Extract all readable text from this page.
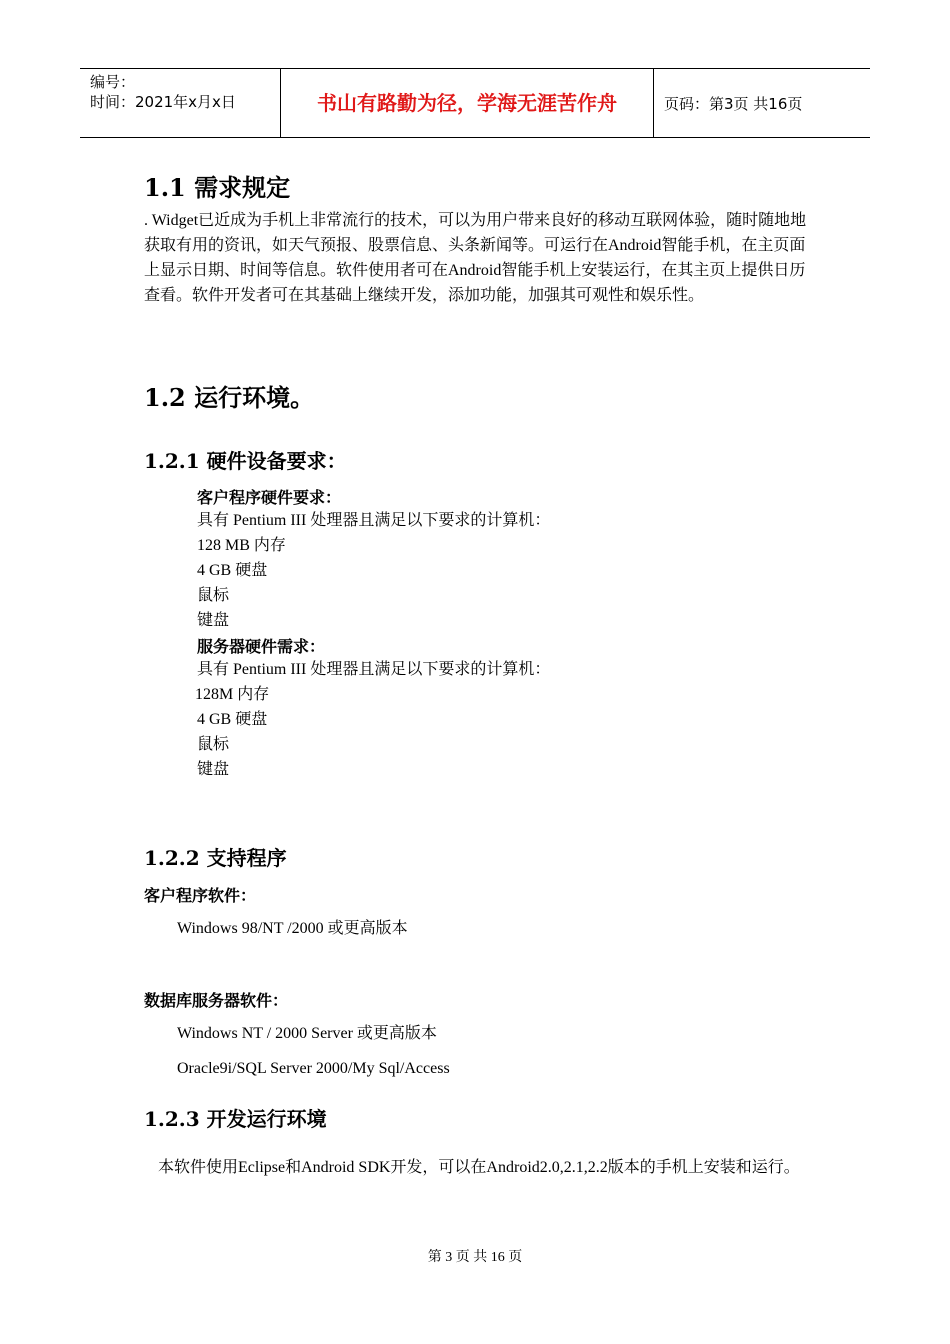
编号：
时间：2021年x月x日	书山有路勤为径，学海无涯苦作舟	页码：第3页 共16页
1.1 需求规定
. Widget已近成为手机上非常流行的技术，可以为用户带来良好的移动互联网体验，随时随地地获取有用的资讯，如天气预报、股票信息、头条新闻等。可运行在Android智能手机，在主页面上显示日期、时间等信息。软件使用者可在Android智能手机上安装运行，在其主页上提供日历查看。软件开发者可在其基础上继续开发，添加功能，加强其可观性和娱乐性。
1.2 运行环境。
1.2.1 硬件设备要求：
客户程序硬件要求：
具有 Pentium III 处理器且满足以下要求的计算机：
128 MB 内存
4 GB 硬盘
鼠标
键盘
服务器硬件需求：
具有 Pentium III 处理器且满足以下要求的计算机：
128M 内存
4 GB 硬盘
鼠标
键盘
1.2.2 支持程序
客户程序软件：
Windows 98/NT /2000 或更高版本
数据库服务器软件：
Windows NT / 2000 Server 或更高版本
Oracle9i/SQL Server 2000/My Sql/Access
1.2.3 开发运行环境
本软件使用Eclipse和Android SDK开发，可以在Android2.0,2.1,2.2版本的手机上安装和运行。
第 3 页 共 16 页
